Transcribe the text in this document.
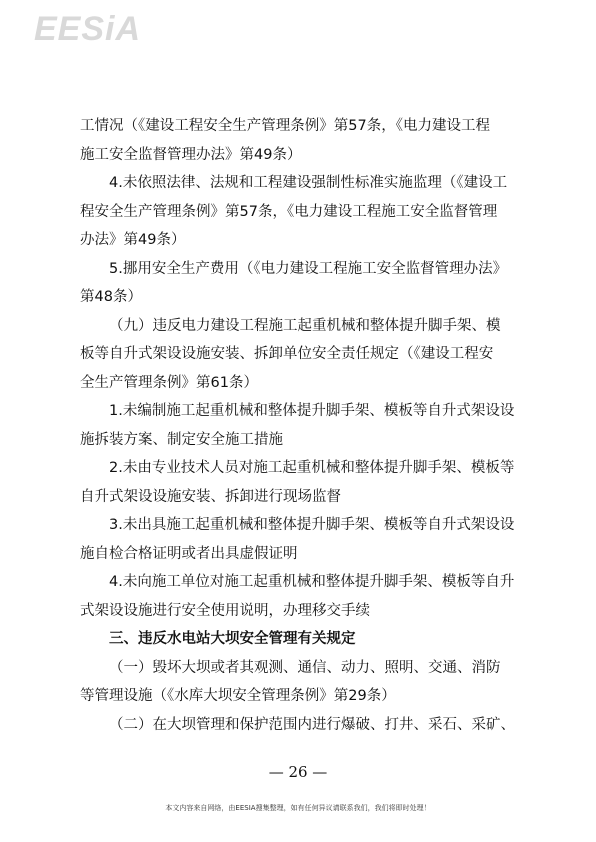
EESiA
工情况（《建设工程安全生产管理条例》第57条，《电力建设工程
施工安全监督管理办法》第49条）
4.未依照法律、法规和工程建设强制性标准实施监理（《建设工
程安全生产管理条例》第57条，《电力建设工程施工安全监督管理
办法》第49条）
5.挪用安全生产费用（《电力建设工程施工安全监督管理办法》
第48条）
（九）违反电力建设工程施工起重机械和整体提升脚手架、模
板等自升式架设设施安装、拆卸单位安全责任规定（《建设工程安
全生产管理条例》第61条）
1.未编制施工起重机械和整体提升脚手架、模板等自升式架设设
施拆装方案、制定安全施工措施
2.未由专业技术人员对施工起重机械和整体提升脚手架、模板等
自升式架设设施安装、拆卸进行现场监督
3.未出具施工起重机械和整体提升脚手架、模板等自升式架设设
施自检合格证明或者出具虚假证明
4.未向施工单位对施工起重机械和整体提升脚手架、模板等自升
式架设设施进行安全使用说明，办理移交手续
三、违反水电站大坝安全管理有关规定
（一）毁坏大坝或者其观测、通信、动力、照明、交通、消防
等管理设施（《水库大坝安全管理条例》第29条）
（二）在大坝管理和保护范围内进行爆破、打井、采石、采矿、
— 26 —
本文内容来自网络，由EESIA搜集整理，如有任何异议请联系我们，我们将即时处理！
